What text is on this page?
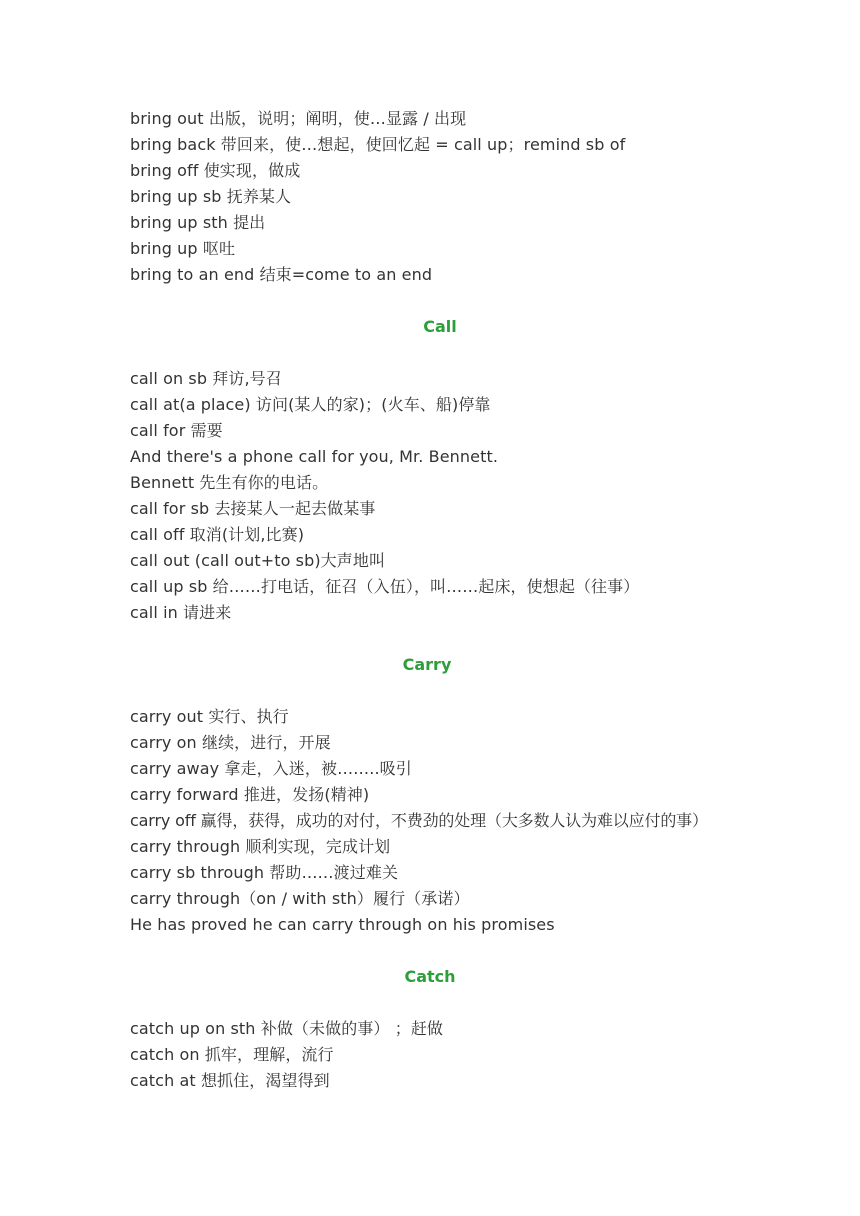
bring out 出版，说明；阐明，使…显露 / 出现
bring back 带回来，使…想起，使回忆起 = call up；remind sb of
bring off 使实现，做成
bring up sb 抚养某人
bring up sth 提出
bring up 呕吐
bring to an end 结束=come to an end
Call
call on sb 拜访,号召
call at(a place) 访问(某人的家)；(火车、船)停靠
call for 需要
And there's a phone call for you, Mr. Bennett.
Bennett 先生有你的电话。
call for sb 去接某人一起去做某事
call off 取消(计划,比赛)
call out (call out+to sb)大声地叫
call up sb 给……打电话，征召（入伍），叫……起床，使想起（往事）
call in 请进来
Carry
carry out 实行、执行
carry on 继续，进行，开展
carry away 拿走，入迷，被……..吸引
carry forward 推进，发扬(精神)
carry off 赢得，获得，成功的对付，不费劲的处理（大多数人认为难以应付的事）
carry through 顺利实现，完成计划
carry sb through 帮助……渡过难关
carry through（on / with sth）履行（承诺）
He has proved he can carry through on his promises
Catch
catch up on sth 补做（未做的事） ；赶做
catch on 抓牢，理解，流行
catch at 想抓住，渴望得到
